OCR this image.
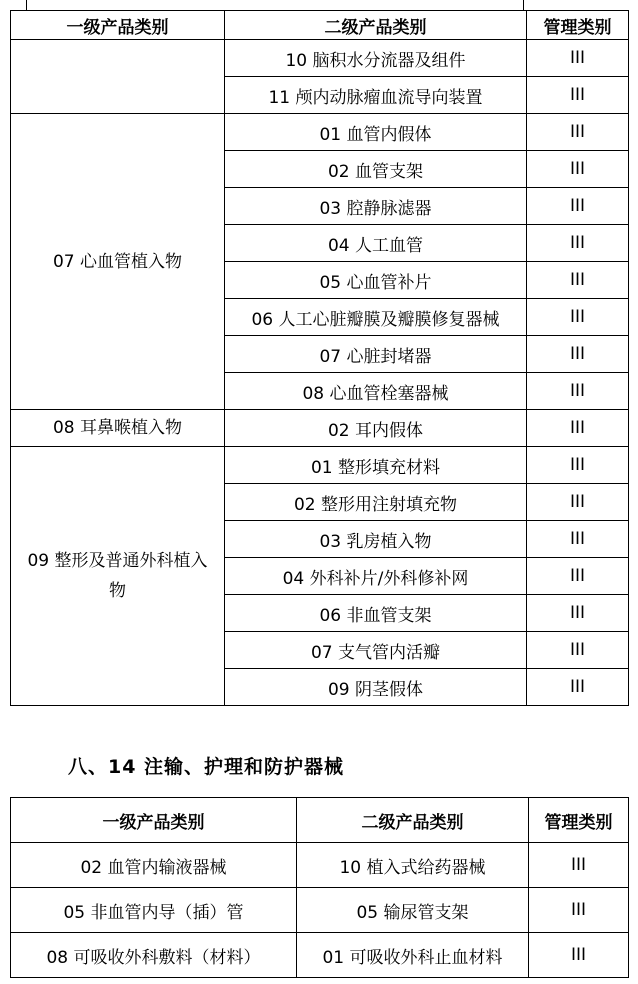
一级产品类别	二级产品类别	管理类别
	10 脑积水分流器及组件	III
	11 颅内动脉瘤血流导向装置	III
07 心血管植入物	01 血管内假体	III
	02 血管支架	III
	03 腔静脉滤器	III
	04 人工血管	III
	05 心血管补片	III
	06 人工心脏瓣膜及瓣膜修复器械	III
	07 心脏封堵器	III
	08 心血管栓塞器械	III
08 耳鼻喉植入物	02 耳内假体	III
09 整形及普通外科植入物	01 整形填充材料	III
	02 整形用注射填充物	III
	03 乳房植入物	III
	04 外科补片/外科修补网	III
	06 非血管支架	III
	07 支气管内活瓣	III
	09 阴茎假体	III
八、14 注输、护理和防护器械
一级产品类别	二级产品类别	管理类别
02 血管内输液器械	10 植入式给药器械	III
05 非血管内导（插）管	05 输尿管支架	III
08 可吸收外科敷料（材料）	01 可吸收外科止血材料	III
